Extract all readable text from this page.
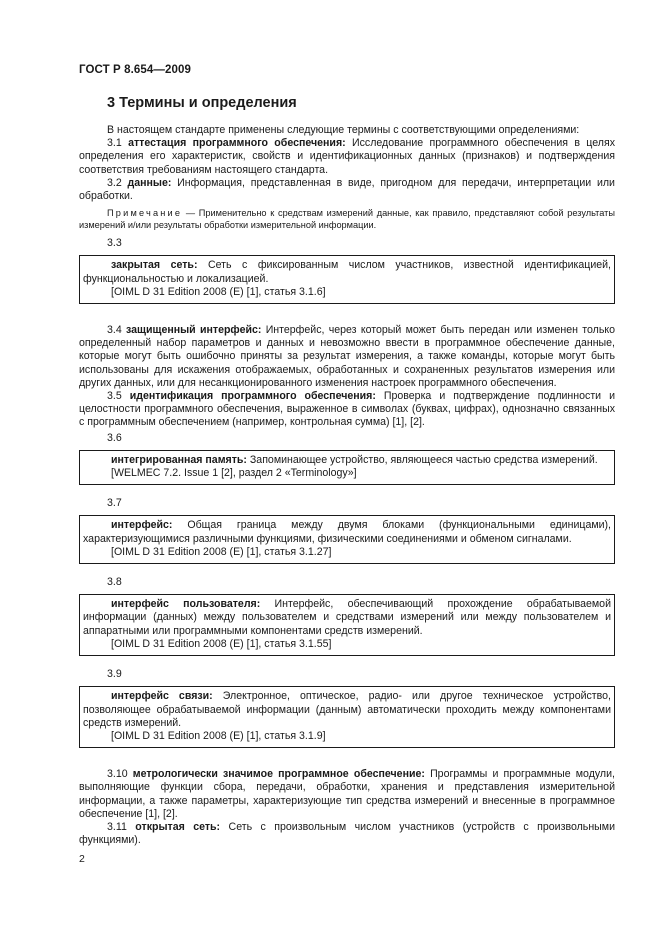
ГОСТ Р 8.654—2009
3 Термины и определения

В настоящем стандарте применены следующие термины с соответствующими определениями:

3.1 аттестация программного обеспечения: Исследование программного обеспечения в целях определения его характеристик, свойств и идентификационных данных (признаков) и подтверждения соответствия требованиям настоящего стандарта.

3.2 данные: Информация, представленная в виде, пригодном для передачи, интерпретации или обработки.

Примечание — Применительно к средствам измерений данные, как правило, представляют собой результаты измерений и/или результаты обработки измерительной информации.

3.3

закрытая сеть: Сеть с фиксированным числом участников, известной идентификацией, функциональностью и локализацией.

[OIML D 31 Edition 2008 (E) [1], статья 3.1.6]

3.4 защищенный интерфейс: Интерфейс, через который может быть передан или изменен только определенный набор параметров и данных и невозможно ввести в программное обеспечение данные, которые могут быть ошибочно приняты за результат измерения, а также команды, которые могут быть использованы для искажения отображаемых, обработанных и сохраненных результатов измерения или других данных, или для несанкционированного изменения настроек программного обеспечения.

3.5 идентификация программного обеспечения: Проверка и подтверждение подлинности и целостности программного обеспечения, выраженное в символах (буквах, цифрах), однозначно связанных с программным обеспечением (например, контрольная сумма) [1], [2].

3.6

интегрированная память: Запоминающее устройство, являющееся частью средства измерений.

[WELMEC 7.2. Issue 1 [2], раздел 2 «Terminology»]

3.7

интерфейс: Общая граница между двумя блоками (функциональными единицами), характеризующимися различными функциями, физическими соединениями и обменом сигналами.

[OIML D 31 Edition 2008 (E) [1], статья 3.1.27]

3.8

интерфейс пользователя: Интерфейс, обеспечивающий прохождение обрабатываемой информации (данных) между пользователем и средствами измерений или между пользователем и аппаратными или программными компонентами средств измерений.

[OIML D 31 Edition 2008 (E) [1], статья 3.1.55]

3.9

интерфейс связи: Электронное, оптическое, радио- или другое техническое устройство, позволяющее обрабатываемой информации (данным) автоматически проходить между компонентами средств измерений.

[OIML D 31 Edition 2008 (E) [1], статья 3.1.9]

3.10 метрологически значимое программное обеспечение: Программы и программные модули, выполняющие функции сбора, передачи, обработки, хранения и представления измерительной информации, а также параметры, характеризующие тип средства измерений и внесенные в программное обеспечение [1], [2].

3.11 открытая сеть: Сеть с произвольным числом участников (устройств с произвольными функциями).

2
